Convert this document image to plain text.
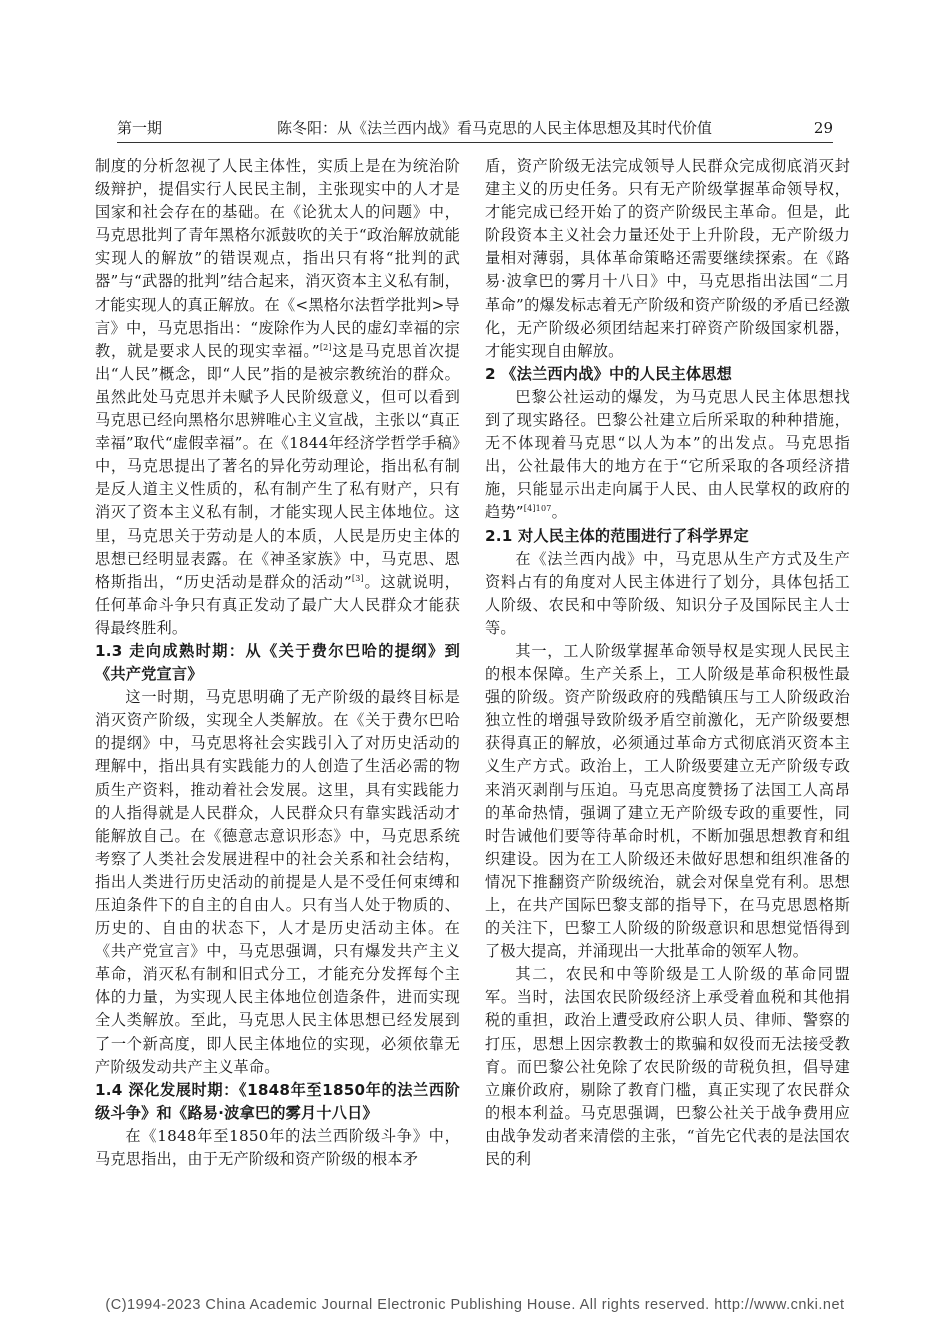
第一期	陈冬阳：从《法兰西内战》看马克思的人民主体思想及其时代价值	29

制度的分析忽视了人民主体性，实质上是在为统治阶级辩护，提倡实行人民民主制，主张现实中的人才是国家和社会存在的基础。在《论犹太人的问题》中，马克思批判了青年黑格尔派鼓吹的关于“政治解放就能实现人的解放”的错误观点，指出只有将“批判的武器”与“武器的批判”结合起来，消灭资本主义私有制，才能实现人的真正解放。在《<黑格尔法哲学批判>导言》中，马克思指出：“废除作为人民的虚幻幸福的宗教，就是要求人民的现实幸福。”[2]这是马克思首次提出“人民”概念，即“人民”指的是被宗教统治的群众。虽然此处马克思并未赋予人民阶级意义，但可以看到马克思已经向黑格尔思辨唯心主义宣战，主张以“真正幸福”取代“虚假幸福”。在《1844年经济学哲学手稿》中，马克思提出了著名的异化劳动理论，指出私有制是反人道主义性质的，私有制产生了私有财产，只有消灭了资本主义私有制，才能实现人民主体地位。这里，马克思关于劳动是人的本质，人民是历史主体的思想已经明显表露。在《神圣家族》中，马克思、恩格斯指出，“历史活动是群众的活动”[3]。这就说明，任何革命斗争只有真正发动了最广大人民群众才能获得最终胜利。

1.3 走向成熟时期：从《关于费尔巴哈的提纲》到《共产党宣言》

这一时期，马克思明确了无产阶级的最终目标是消灭资产阶级，实现全人类解放。在《关于费尔巴哈的提纲》中，马克思将社会实践引入了对历史活动的理解中，指出具有实践能力的人创造了生活必需的物质生产资料，推动着社会发展。这里，具有实践能力的人指得就是人民群众，人民群众只有靠实践活动才能解放自己。在《德意志意识形态》中，马克思系统考察了人类社会发展进程中的社会关系和社会结构，指出人类进行历史活动的前提是人是不受任何束缚和压迫条件下的自主的自由人。只有当人处于物质的、历史的、自由的状态下，人才是历史活动主体。在《共产党宣言》中，马克思强调，只有爆发共产主义革命，消灭私有制和旧式分工，才能充分发挥每个主体的力量，为实现人民主体地位创造条件，进而实现全人类解放。至此，马克思人民主体思想已经发展到了一个新高度，即人民主体地位的实现，必须依靠无产阶级发动共产主义革命。

1.4 深化发展时期：《1848年至1850年的法兰西阶级斗争》和《路易·波拿巴的雾月十八日》

在《1848年至1850年的法兰西阶级斗争》中，马克思指出，由于无产阶级和资产阶级的根本矛

盾，资产阶级无法完成领导人民群众完成彻底消灭封建主义的历史任务。只有无产阶级掌握革命领导权，才能完成已经开始了的资产阶级民主革命。但是，此阶段资本主义社会力量还处于上升阶段，无产阶级力量相对薄弱，具体革命策略还需要继续探索。在《路易·波拿巴的雾月十八日》中，马克思指出法国“二月革命”的爆发标志着无产阶级和资产阶级的矛盾已经激化，无产阶级必须团结起来打碎资产阶级国家机器，才能实现自由解放。

2 《法兰西内战》中的人民主体思想

巴黎公社运动的爆发，为马克思人民主体思想找到了现实路径。巴黎公社建立后所采取的种种措施，无不体现着马克思“以人为本”的出发点。马克思指出，公社最伟大的地方在于“它所采取的各项经济措施，只能显示出走向属于人民、由人民掌权的政府的趋势”$^{[4]107}$。

2.1 对人民主体的范围进行了科学界定

在《法兰西内战》中，马克思从生产方式及生产资料占有的角度对人民主体进行了划分，具体包括工人阶级、农民和中等阶级、知识分子及国际民主人士等。

其一，工人阶级掌握革命领导权是实现人民民主的根本保障。生产关系上，工人阶级是革命积极性最强的阶级。资产阶级政府的残酷镇压与工人阶级政治独立性的增强导致阶级矛盾空前激化，无产阶级要想获得真正的解放，必须通过革命方式彻底消灭资本主义生产方式。政治上，工人阶级要建立无产阶级专政来消灭剥削与压迫。马克思高度赞扬了法国工人高昂的革命热情，强调了建立无产阶级专政的重要性，同时告诫他们要等待革命时机，不断加强思想教育和组织建设。因为在工人阶级还未做好思想和组织准备的情况下推翻资产阶级统治，就会对保皇党有利。思想上，在共产国际巴黎支部的指导下，在马克思恩格斯的关注下，巴黎工人阶级的阶级意识和思想觉悟得到了极大提高，并涌现出一大批革命的领军人物。

其二，农民和中等阶级是工人阶级的革命同盟军。当时，法国农民阶级经济上承受着血税和其他捐税的重担，政治上遭受政府公职人员、律师、警察的打压，思想上因宗教教士的欺骗和奴役而无法接受教育。而巴黎公社免除了农民阶级的苛税负担，倡导建立廉价政府，剔除了教育门槛，真正实现了农民群众的根本利益。马克思强调，巴黎公社关于战争费用应由战争发动者来清偿的主张，“首先它代表的是法国农民的利

(C)1994-2023 China Academic Journal Electronic Publishing House. All rights reserved. http://www.cnki.net
